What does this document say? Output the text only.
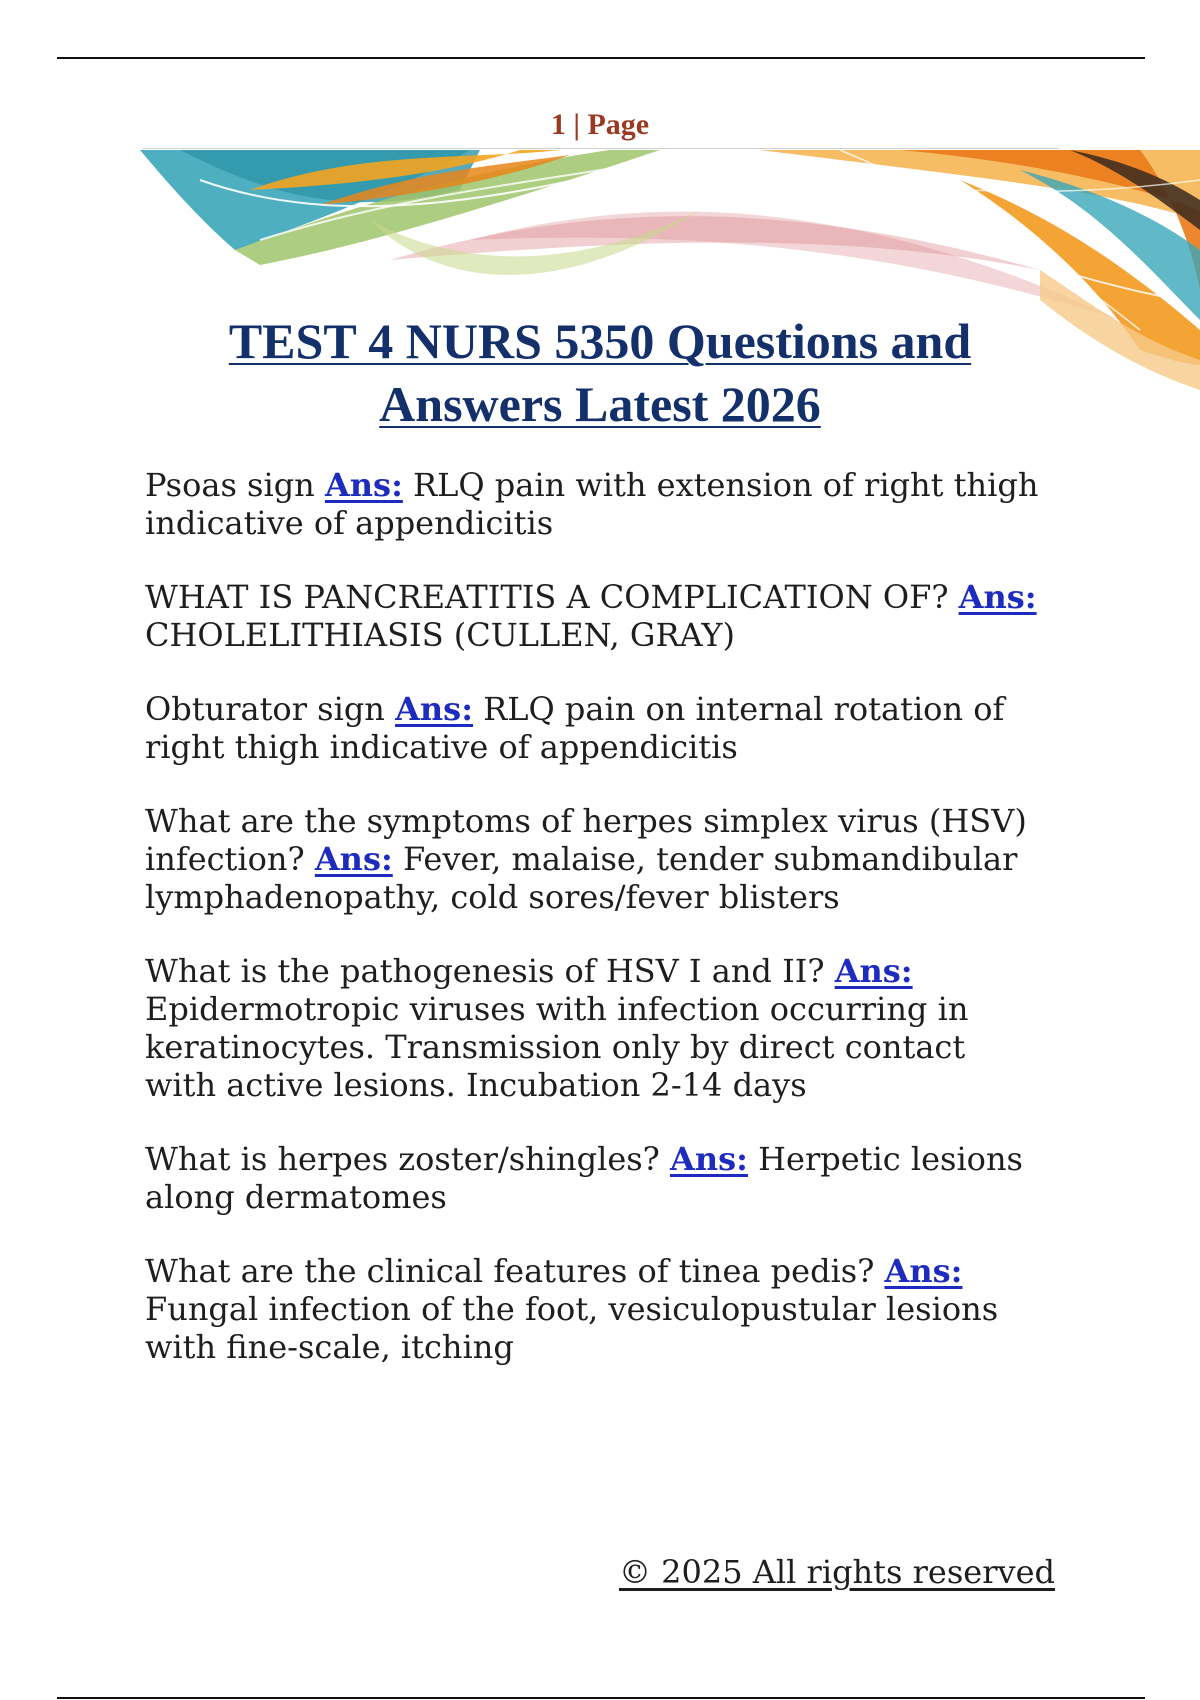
1 | Page
TEST 4 NURS 5350 Questions and Answers Latest 2026

Psoas sign Ans: RLQ pain with extension of right thigh indicative of appendicitis

WHAT IS PANCREATITIS A COMPLICATION OF? Ans: CHOLELITHIASIS (CULLEN, GRAY)

Obturator sign Ans: RLQ pain on internal rotation of right thigh indicative of appendicitis

What are the symptoms of herpes simplex virus (HSV) infection? Ans: Fever, malaise, tender submandibular lymphadenopathy, cold sores/fever blisters

What is the pathogenesis of HSV I and II? Ans: Epidermotropic viruses with infection occurring in keratinocytes. Transmission only by direct contact with active lesions. Incubation 2-14 days

What is herpes zoster/shingles? Ans: Herpetic lesions along dermatomes

What are the clinical features of tinea pedis? Ans: Fungal infection of the foot, vesiculopustular lesions with fine-scale, itching

© 2025 All rights reserved
